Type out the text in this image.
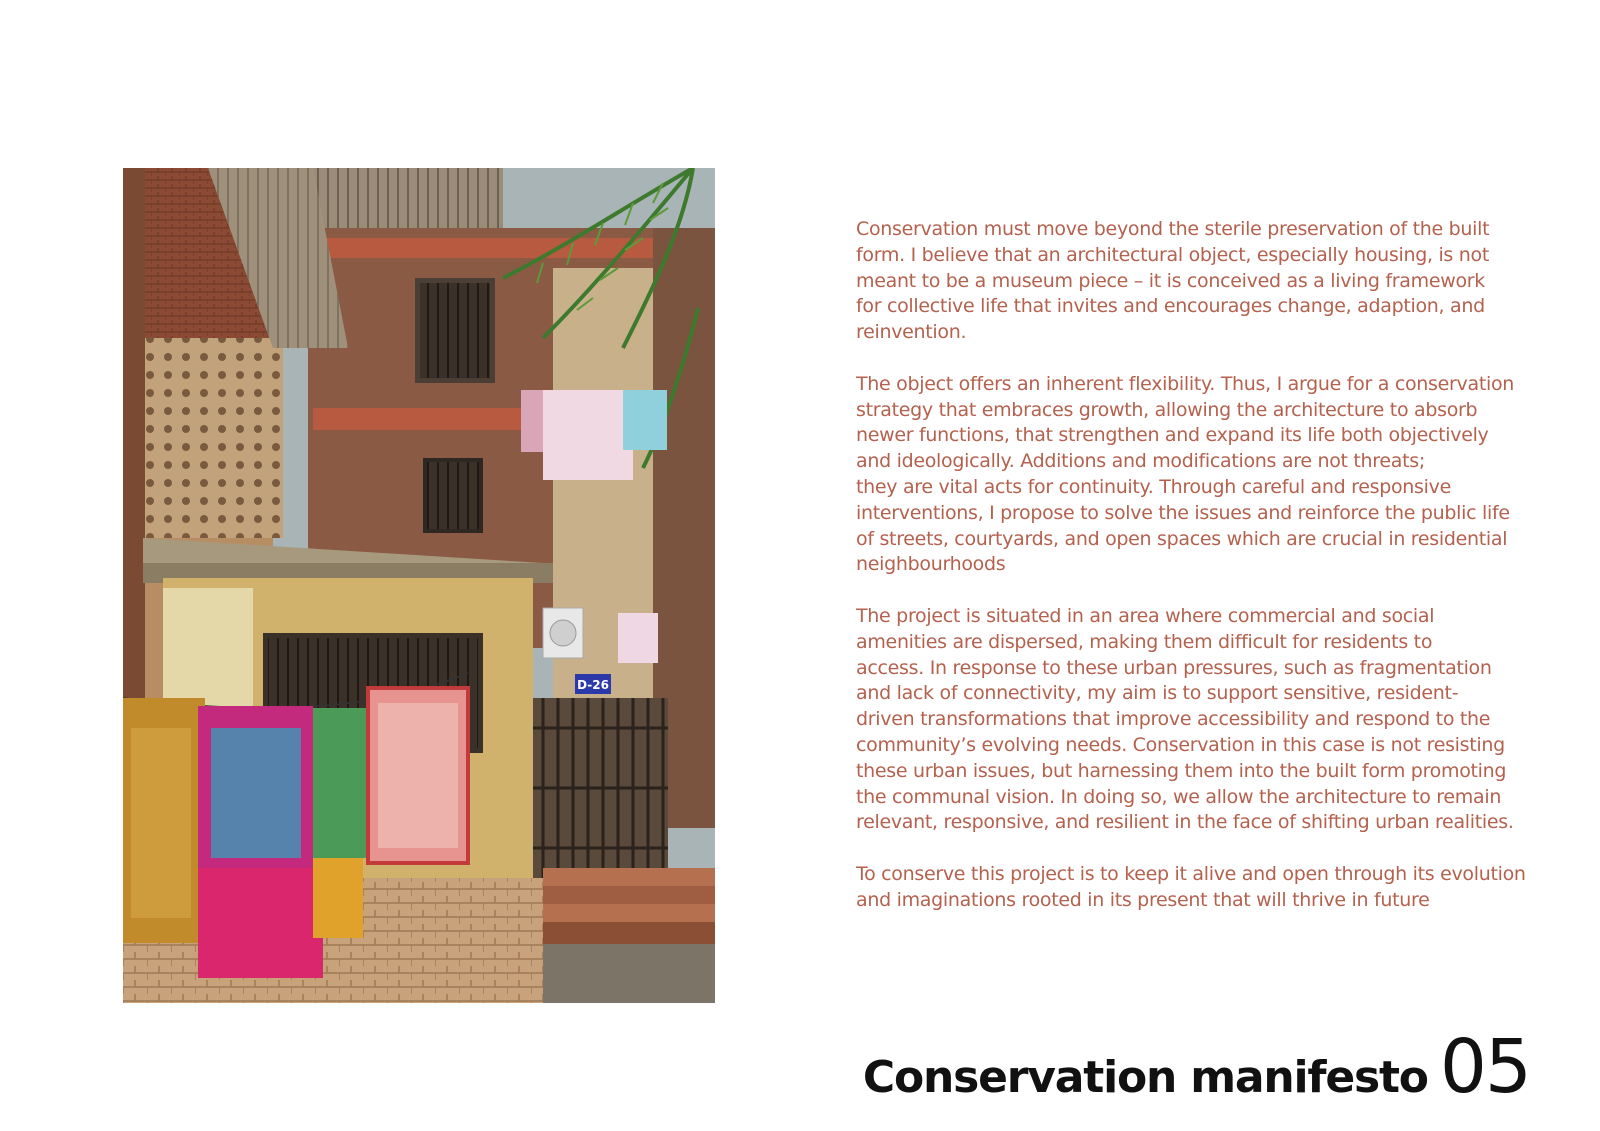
D-26

Conservation must move beyond the sterile preservation of the built
form. I believe that an architectural object, especially housing, is not
meant to be a museum piece – it is conceived as a living framework
for collective life that invites and encourages change, adaption, and
reinvention.

The object offers an inherent flexibility. Thus, I argue for a conservation
strategy that embraces growth, allowing the architecture to absorb
newer functions, that strengthen and expand its life both objectively
and ideologically. Additions and modifications are not threats;
they are vital acts for continuity. Through careful and responsive
interventions, I propose to solve the issues and reinforce the public life
of streets, courtyards, and open spaces which are crucial in residential
neighbourhoods

The project is situated in an area where commercial and social
amenities are dispersed, making them difficult for residents to
access. In response to these urban pressures, such as fragmentation
and lack of connectivity, my aim is to support sensitive, resident-
driven transformations that improve accessibility and respond to the
community’s evolving needs. Conservation in this case is not resisting
these urban issues, but harnessing them into the built form promoting
the communal vision. In doing so, we allow the architecture to remain
relevant, responsive, and resilient in the face of shifting urban realities.

To conserve this project is to keep it alive and open through its evolution
and imaginations rooted in its present that will thrive in future

Conservation manifesto 05
